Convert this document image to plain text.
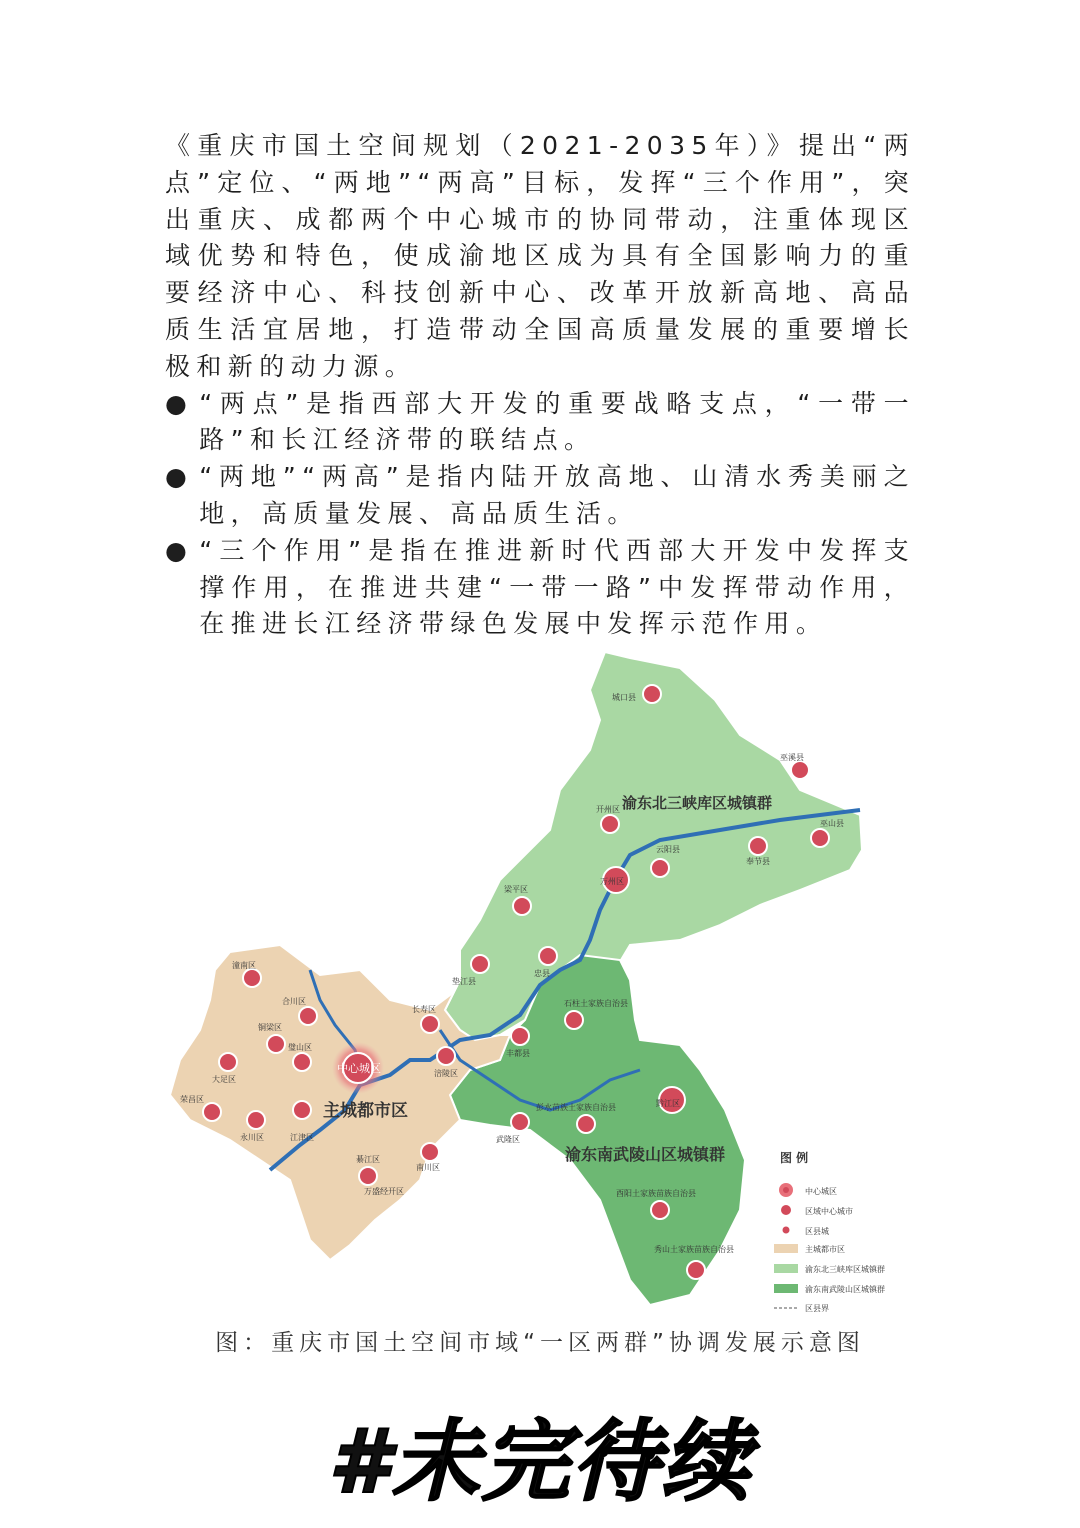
《重庆市国土空间规划（2021-2035年）》提出“两点”定位、“两地”“两高”目标，发挥“三个作用”，突出重庆、成都两个中心城市的协同带动，注重体现区域优势和特色，使成渝地区成为具有全国影响力的重要经济中心、科技创新中心、改革开放新高地、高品质生活宜居地，打造带动全国高质量发展的重要增长极和新的动力源。

● “两点”是指西部大开发的重要战略支点，“一带一路”和长江经济带的联结点。

● “两地”“两高”是指内陆开放高地、山清水秀美丽之地，高质量发展、高品质生活。

● “三个作用”是指在推进新时代西部大开发中发挥支撑作用，在推进共建“一带一路”中发挥带动作用，在推进长江经济带绿色发展中发挥示范作用。

主城都市区
渝东北三峡库区城镇群
渝东南武陵山区城镇群
中心城区
城口县
巫溪县
巫山县
开州区
云阳县
奉节县
万州区
梁平区
垫江县
忠县
石柱土家族自治县
丰都县
长寿区
涪陵区
潼南区
合川区
铜梁区
璧山区
大足区
荣昌区
永川区	江津区
綦江区
南川区
万盛经开区
武隆区
彭水苗族土家族自治县	黔江区
酉阳土家族苗族自治县
秀山土家族苗族自治县
图 例
中心城区
区域中心城市
区县城
主城都市区
渝东北三峡库区城镇群
渝东南武陵山区城镇群
区县界
图：重庆市国土空间市域“一区两群”协调发展示意图
#未完待续
